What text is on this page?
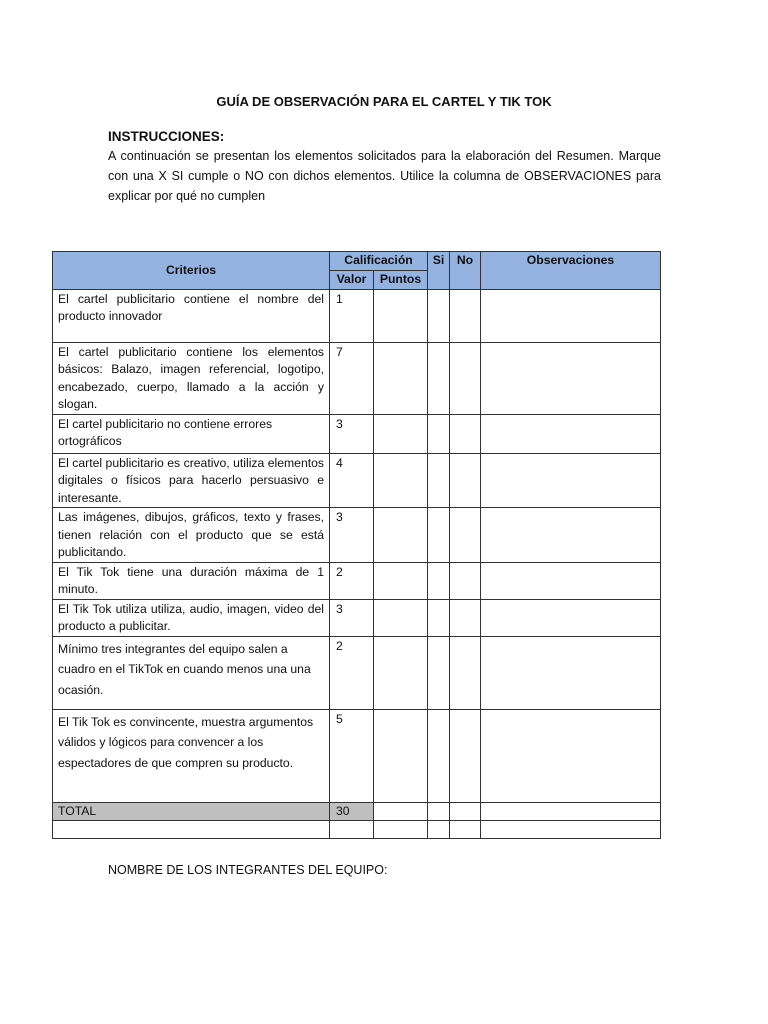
GUÍA DE OBSERVACIÓN PARA EL CARTEL Y TIK TOK
INSTRUCCIONES:
A continuación se presentan los elementos solicitados para la elaboración del Resumen. Marque con una X SI cumple o NO con dichos elementos. Utilice la columna de OBSERVACIONES para explicar por qué no cumplen
Criterios	Calificación		Si	No	Observaciones
	Valor	Puntos			
El cartel publicitario contiene el nombre del producto innovador	1				
El cartel publicitario contiene los elementos básicos: Balazo, imagen referencial, logotipo, encabezado, cuerpo, llamado a la acción y slogan.	7				
El cartel publicitario no contiene errores ortográficos	3				
El cartel publicitario es creativo, utiliza elementos digitales o físicos para hacerlo persuasivo e interesante.	4				
Las imágenes, dibujos, gráficos, texto y frases, tienen relación con el producto que se está publicitando.	3				
El Tik Tok tiene una duración máxima de 1 minuto.	2				
El Tik Tok utiliza utiliza, audio, imagen, video del producto a publicitar.	3				
Mínimo tres integrantes del equipo salen a cuadro en el TikTok en cuando menos una una ocasión.	2				
El Tik Tok es convincente, muestra argumentos válidos y lógicos para convencer a los espectadores de que compren su producto.	5				
TOTAL	30				

NOMBRE DE LOS INTEGRANTES DEL EQUIPO:
